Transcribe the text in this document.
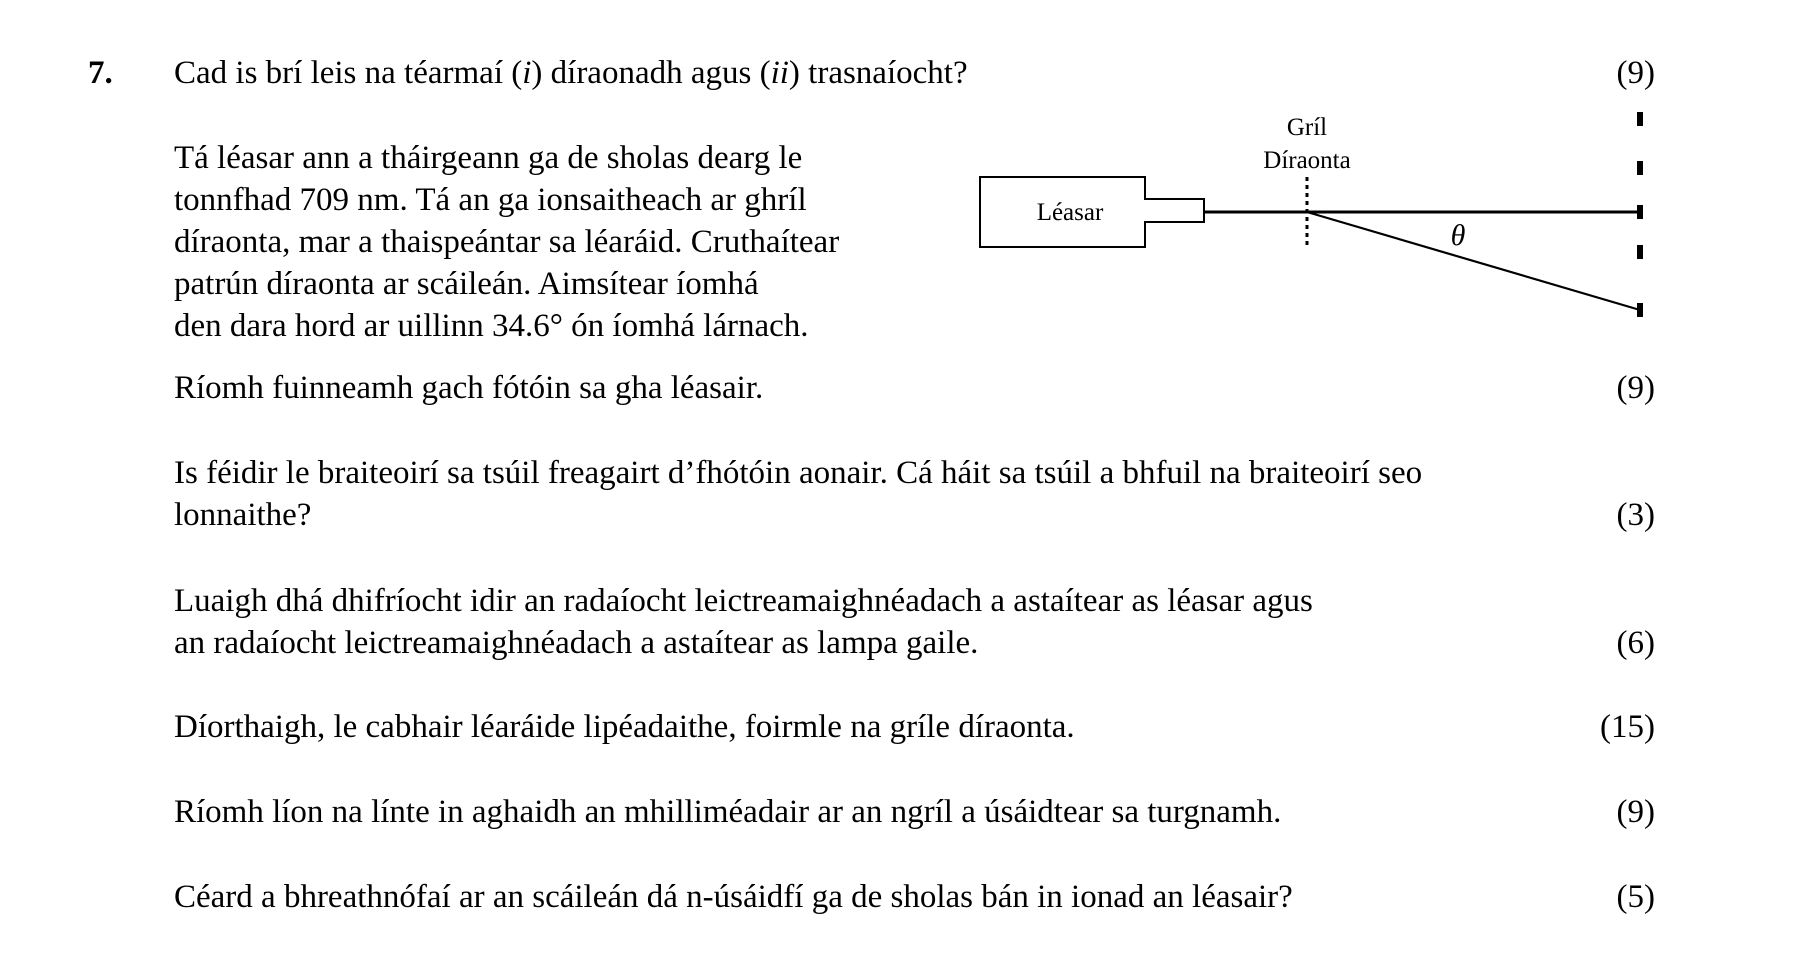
7. Cad is brí leis na téarmaí (i) díraonadh agus (ii) trasnaíocht?	(9)
Tá léasar ann a tháirgeann ga de sholas dearg le
tonnfhad 709 nm. Tá an ga ionsaitheach ar ghríl
díraonta, mar a thaispeántar sa léaráid. Cruthaítear
patrún díraonta ar scáileán. Aimsítear íomhá
den dara hord ar uillinn 34.6° ón íomhá lárnach.
Léasar
Gríl
Díraonta
θ
Ríomh fuinneamh gach fótóin sa gha léasair.	(9)
Is féidir le braiteoirí sa tsúil freagairt d’fhótóin aonair. Cá háit sa tsúil a bhfuil na braiteoirí seo
lonnaithe?	(3)
Luaigh dhá dhifríocht idir an radaíocht leictreamaighnéadach a astaítear as léasar agus
an radaíocht leictreamaighnéadach a astaítear as lampa gaile.	(6)
Díorthaigh, le cabhair léaráide lipéadaithe, foirmle na gríle díraonta.	(15)
Ríomh líon na línte in aghaidh an mhilliméadair ar an ngríl a úsáidtear sa turgnamh.	(9)
Céard a bhreathnófaí ar an scáileán dá n-úsáidfí ga de sholas bán in ionad an léasair?	(5)
